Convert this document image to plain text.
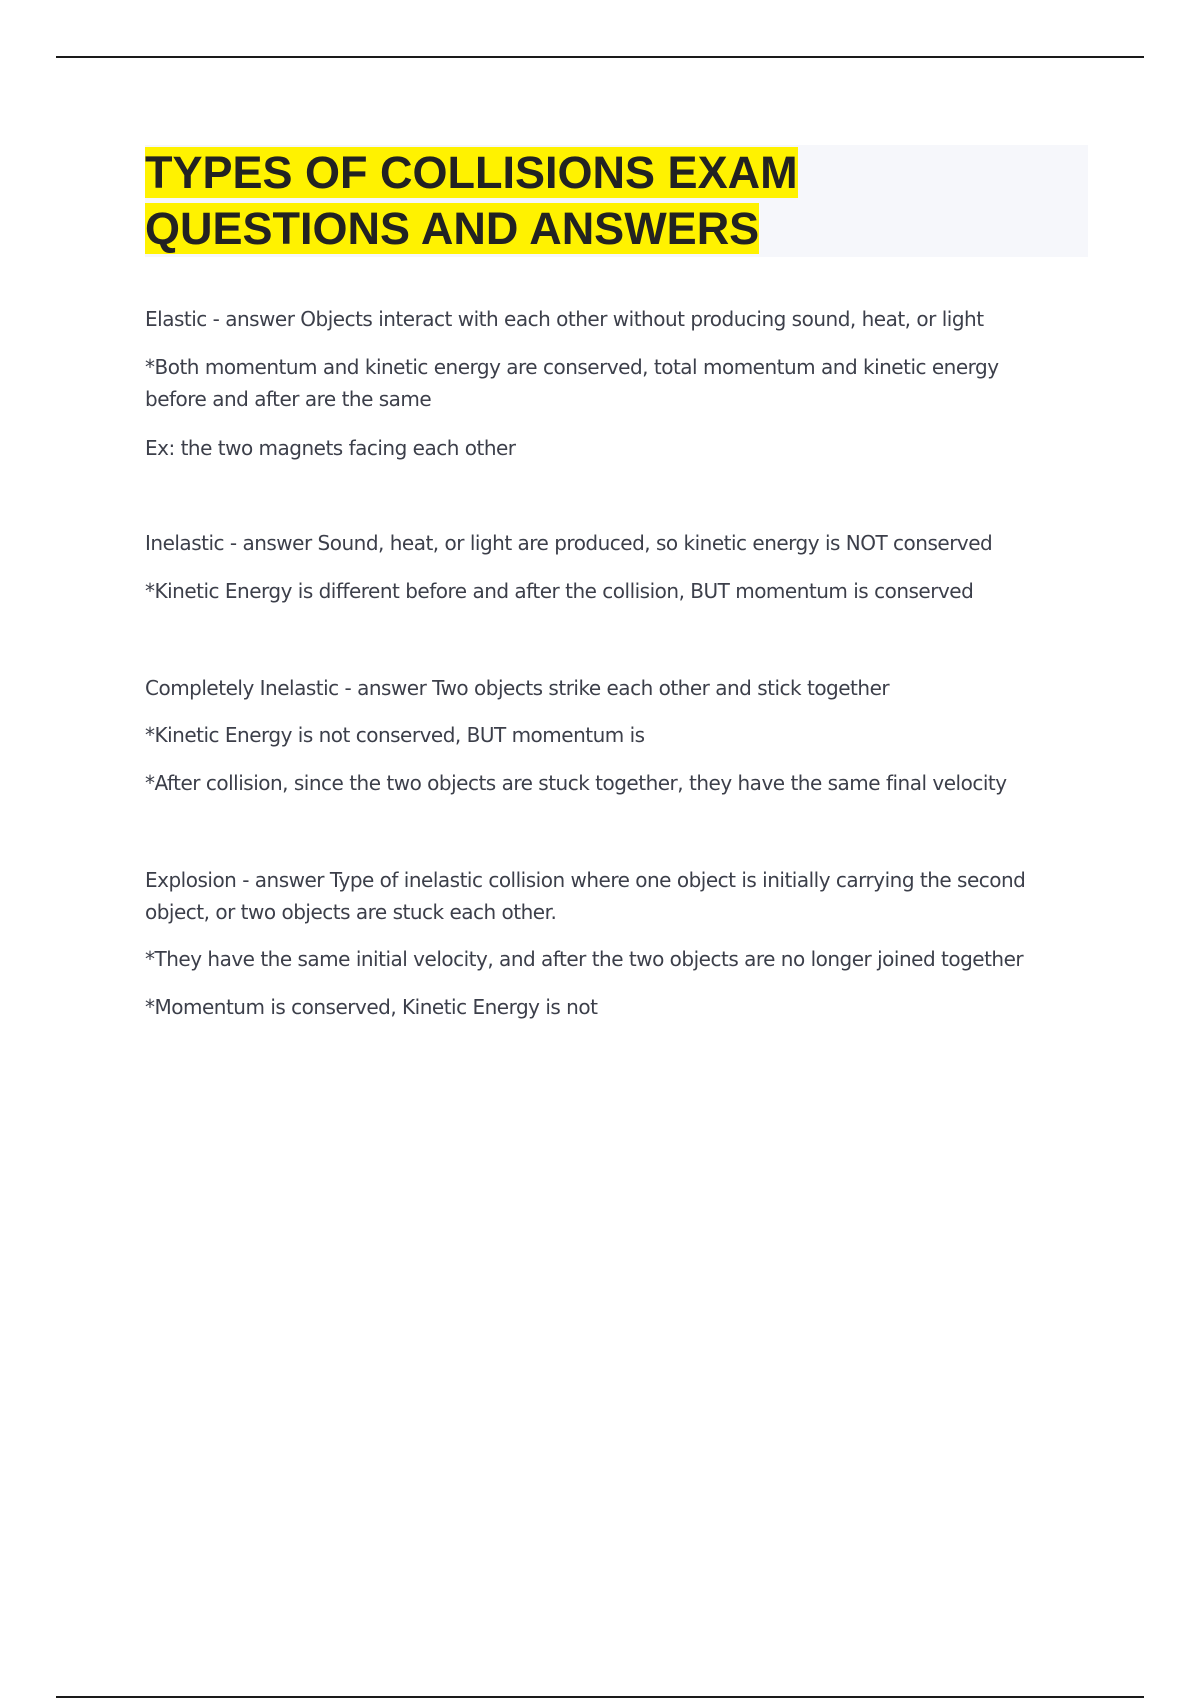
TYPES OF COLLISIONS EXAM

QUESTIONS AND ANSWERS

Elastic - answer Objects interact with each other without producing sound, heat, or light

*Both momentum and kinetic energy are conserved, total momentum and kinetic energy before and after are the same

Ex: the two magnets facing each other

Inelastic - answer Sound, heat, or light are produced, so kinetic energy is NOT conserved

*Kinetic Energy is different before and after the collision, BUT momentum is conserved

Completely Inelastic - answer Two objects strike each other and stick together

*Kinetic Energy is not conserved, BUT momentum is

*After collision, since the two objects are stuck together, they have the same final velocity

Explosion - answer Type of inelastic collision where one object is initially carrying the second object, or two objects are stuck each other.

*They have the same initial velocity, and after the two objects are no longer joined together

*Momentum is conserved, Kinetic Energy is not
